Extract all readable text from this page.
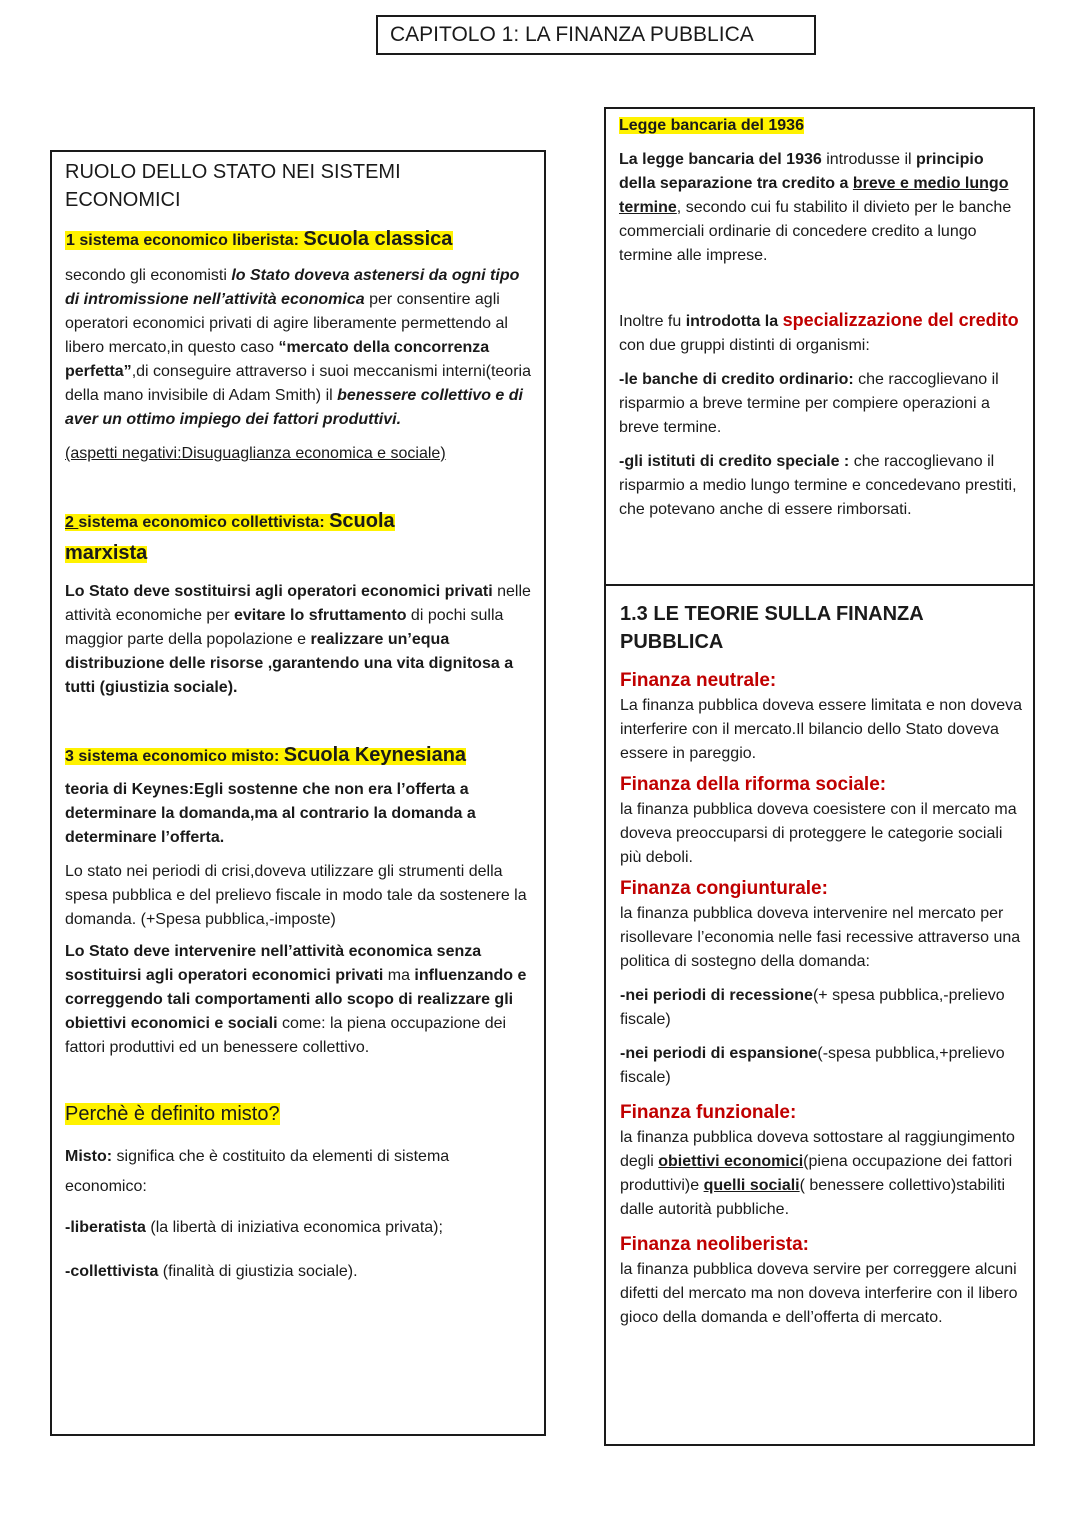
CAPITOLO 1: LA FINANZA PUBBLICA

RUOLO DELLO STATO NEI SISTEMI
ECONOMICI

1 sistema economico liberista: Scuola classica

secondo gli economisti lo Stato doveva astenersi da ogni tipo di intromissione nell’attività economica per consentire agli operatori economici privati di agire liberamente permettendo al libero mercato,in questo caso “mercato della concorrenza perfetta”,di conseguire attraverso i suoi meccanismi interni(teoria della mano invisibile di Adam Smith) il benessere collettivo e di aver un ottimo impiego dei fattori produttivi.

(aspetti negativi:Disuguaglianza economica e sociale)

2 sistema economico collettivista: Scuola marxista

Lo Stato deve sostituirsi agli operatori economici privati nelle attività economiche per evitare lo sfruttamento di pochi sulla maggior parte della popolazione e realizzare un’equa distribuzione delle risorse ,garantendo una vita dignitosa a tutti (giustizia sociale).

3 sistema economico misto: Scuola Keynesiana

teoria di Keynes:Egli sostenne che non era l’offerta a determinare la domanda,ma al contrario la domanda a determinare l’offerta.

Lo stato nei periodi di crisi,doveva utilizzare gli strumenti della spesa pubblica e del prelievo fiscale in modo tale da sostenere la domanda. (+Spesa pubblica,-imposte)

Lo Stato deve intervenire nell’attività economica senza sostituirsi agli operatori economici privati ma influenzando e correggendo tali comportamenti allo scopo di realizzare gli obiettivi economici e sociali come: la piena occupazione dei fattori produttivi ed un benessere collettivo.

Perchè è definito misto?

Misto: significa che è costituito da elementi di sistema
economico:

-liberatista (la libertà di iniziativa economica privata);

-collettivista (finalità di giustizia sociale).

Legge bancaria del 1936

La legge bancaria del 1936 introdusse il principio della separazione tra credito a breve e medio lungo termine, secondo cui fu stabilito il divieto per le banche commerciali ordinarie di concedere credito a lungo termine alle imprese.

Inoltre fu introdotta la specializzazione del credito con due gruppi distinti di organismi:

-le banche di credito ordinario: che raccoglievano il risparmio a breve termine per compiere operazioni a breve termine.

-gli istituti di credito speciale : che raccoglievano il risparmio a medio lungo termine e concedevano prestiti, che potevano anche di essere rimborsati.

1.3 LE TEORIE SULLA FINANZA
PUBBLICA

Finanza neutrale:

La finanza pubblica doveva essere limitata e non doveva interferire con il mercato.Il bilancio dello Stato doveva essere in pareggio.

Finanza della riforma sociale:

la finanza pubblica doveva coesistere con il mercato ma doveva preoccuparsi di proteggere le categorie sociali più deboli.

Finanza congiunturale:

la finanza pubblica doveva intervenire nel mercato per risollevare l’economia nelle fasi recessive attraverso una politica di sostegno della domanda:

-nei periodi di recessione(+ spesa pubblica,-prelievo fiscale)

-nei periodi di espansione(-spesa pubblica,+prelievo fiscale)

Finanza funzionale:

la finanza pubblica doveva sottostare al raggiungimento degli obiettivi economici(piena occupazione dei fattori produttivi)e quelli sociali( benessere collettivo)stabiliti dalle autorità pubbliche.

Finanza neoliberista:

la finanza pubblica doveva servire per correggere alcuni difetti del mercato ma non doveva interferire con il libero gioco della domanda e dell’offerta di mercato.
